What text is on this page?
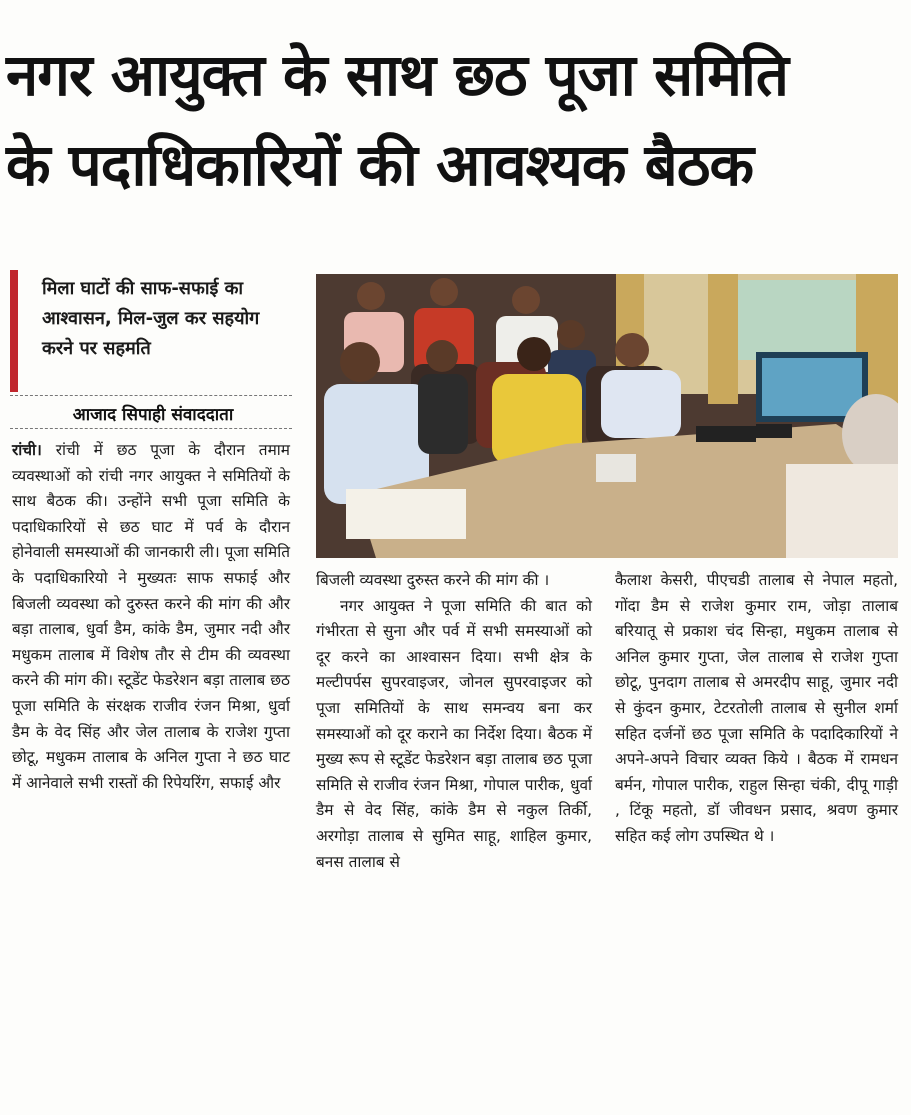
नगर आयुक्त के साथ छठ पूजा समिति
के पदाधिकारियों की आवश्यक बैठक
मिला घाटों की साफ-सफाई का आश्वासन, मिल-जुल कर सहयोग करने पर सहमति
आजाद सिपाही संवाददाता

रांची। रांची में छठ पूजा के दौरान तमाम व्यवस्थाओं को रांची नगर आयुक्त ने समितियों के साथ बैठक की। उन्होंने सभी पूजा समिति के पदाधिकारियों से छठ घाट में पर्व के दौरान होनेवाली समस्याओं की जानकारी ली। पूजा समिति के पदाधिकारियो ने मुख्यतः साफ सफाई और बिजली व्यवस्था को दुरुस्त करने की मांग की और बड़ा तालाब, धुर्वा डैम, कांके डैम, जुमार नदी और मधुकम तालाब में विशेष तौर से टीम की व्यवस्था करने की मांग की। स्टूडेंट फेडरेशन बड़ा तालाब छठ पूजा समिति के संरक्षक राजीव रंजन मिश्रा, धुर्वा डैम के वेद सिंह और जेल तालाब के राजेश गुप्ता छोटू, मधुकम तालाब के अनिल गुप्ता ने छठ घाट में आनेवाले सभी रास्तों की रिपेयरिंग, सफाई और

बिजली व्यवस्था दुरुस्त करने की मांग की ।

नगर आयुक्त ने पूजा समिति की बात को गंभीरता से सुना और पर्व में सभी समस्याओं को दूर करने का आश्वासन दिया। सभी क्षेत्र के मल्टीपर्पस सुपरवाइजर, जोनल सुपरवाइजर को पूजा समितियों के साथ समन्वय बना कर समस्याओं को दूर कराने का निर्देश दिया। बैठक में मुख्य रूप से स्टूडेंट फेडरेशन बड़ा तालाब छठ पूजा समिति से राजीव रंजन मिश्रा, गोपाल पारीक, धुर्वा डैम से वेद सिंह, कांके डैम से नकुल तिर्की, अरगोड़ा तालाब से सुमित साहू, शाहिल कुमार, बनस तालाब से

कैलाश केसरी, पीएचडी तालाब से नेपाल महतो, गोंदा डैम से राजेश कुमार राम, जोड़ा तालाब बरियातू से प्रकाश चंद सिन्हा, मधुकम तालाब से अनिल कुमार गुप्ता, जेल तालाब से राजेश गुप्ता छोटू, पुनदाग तालाब से अमरदीप साहू, जुमार नदी से कुंदन कुमार, टेटरतोली तालाब से सुनील शर्मा सहित दर्जनों छठ पूजा समिति के पदादिकारियों ने अपने-अपने विचार व्यक्त किये । बैठक में रामधन बर्मन, गोपाल पारीक, राहुल सिन्हा चंकी, दीपू गाड़ी , टिंकू महतो, डॉ जीवधन प्रसाद, श्रवण कुमार सहित कई लोग उपस्थित थे ।
